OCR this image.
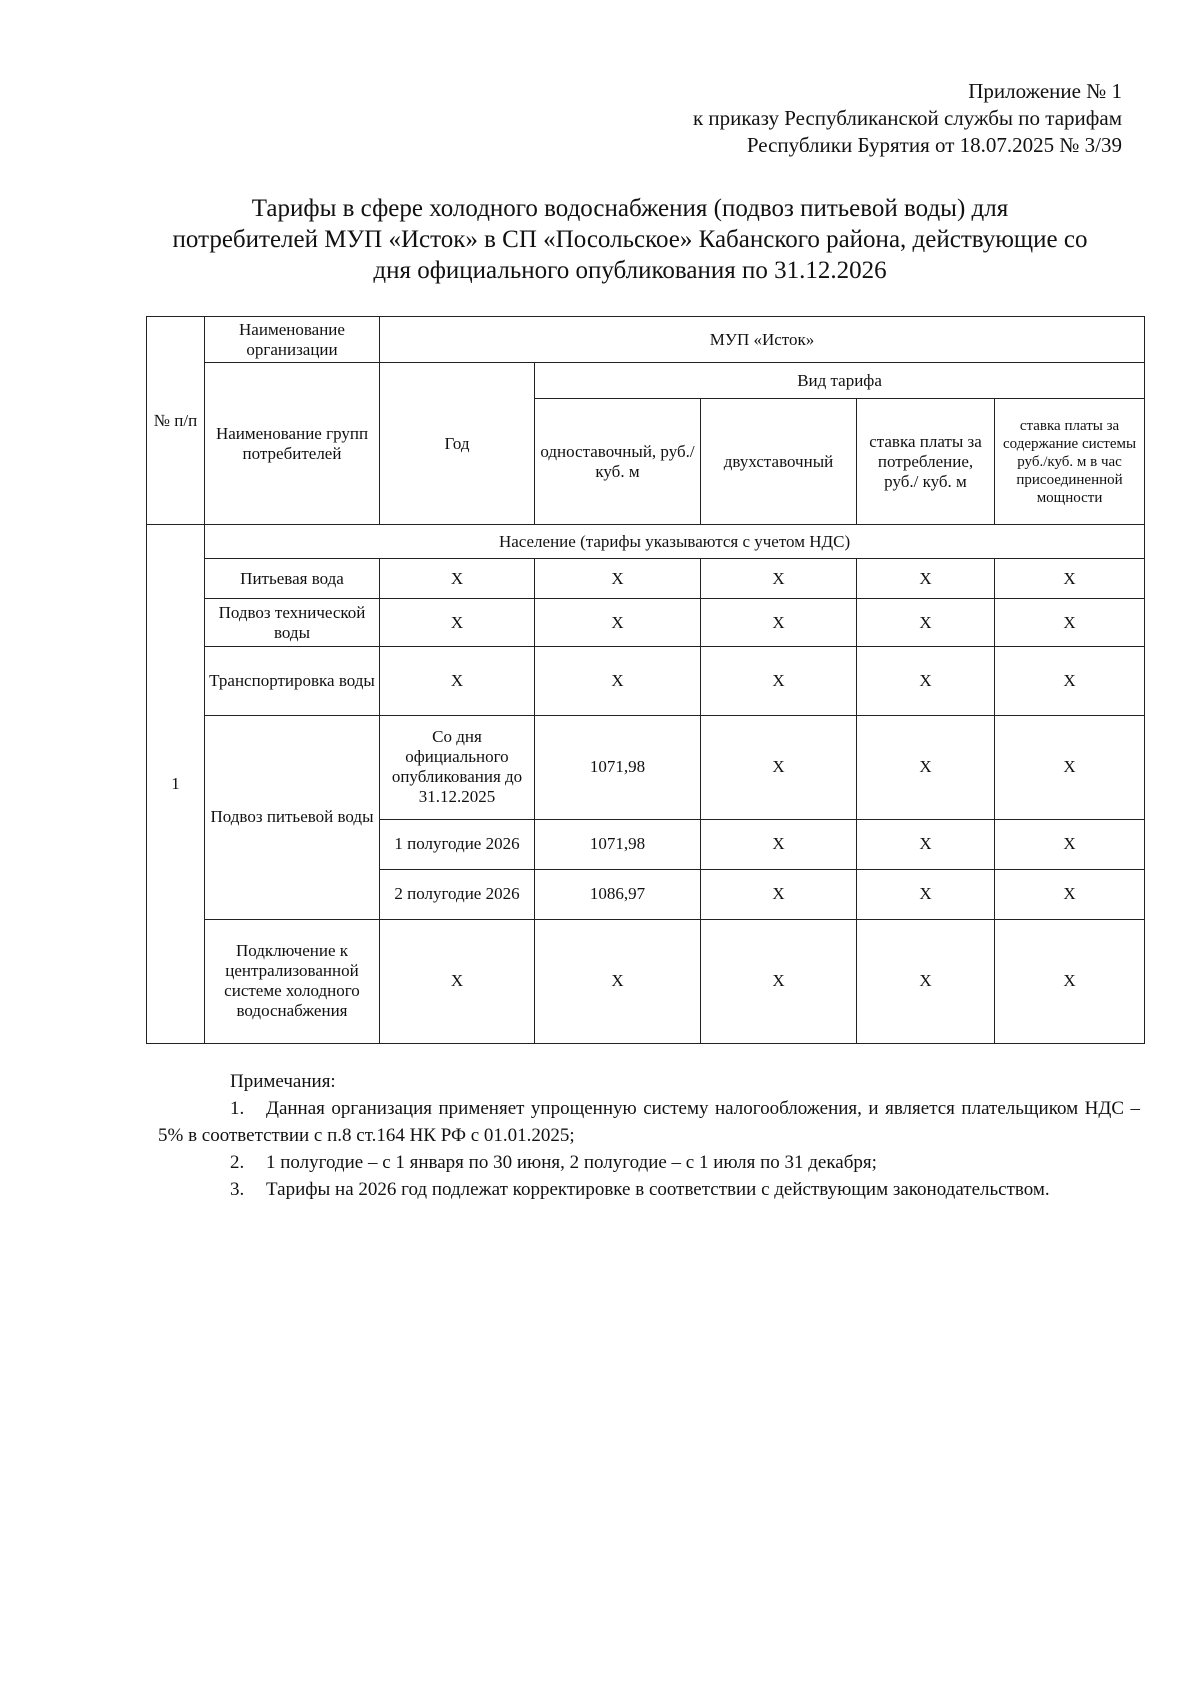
Приложение № 1
к приказу Республиканской службы по тарифам
Республики Бурятия от 18.07.2025 № 3/39
Тарифы в сфере холодного водоснабжения (подвоз питьевой воды) для
потребителей МУП «Исток» в СП «Посольское» Кабанского района, действующие со
дня официального опубликования по 31.12.2026
№ п/п	Наименование организации	МУП «Исток»				
	Наименование групп потребителей	Год	Вид тарифа			
			одноставочный, руб./ куб. м	двухставочный	ставка платы за потребление, руб./ куб. м	ставка платы за содержание системы руб./куб. м в час присоединенной мощности
1	Население (тарифы указываются с учетом НДС)					
	Питьевая вода	Х	Х	Х	Х	Х
	Подвоз технической воды	Х	Х	Х	Х	Х
	Транспортировка воды	Х	Х	Х	Х	Х
	Подвоз питьевой воды	Со дня официального опубликования до 31.12.2025	1071,98	Х	Х	Х
		1 полугодие 2026	1071,98	Х	Х	Х
		2 полугодие 2026	1086,97	Х	Х	Х
	Подключение к централизованной системе холодного водоснабжения	Х	Х	Х	Х	Х
Примечания:
1. Данная организация применяет упрощенную систему налогообложения, и является плательщиком НДС – 5% в соответствии с п.8 ст.164 НК РФ с 01.01.2025;
2. 1 полугодие – с 1 января по 30 июня, 2 полугодие – с 1 июля по 31 декабря;
3. Тарифы на 2026 год подлежат корректировке в соответствии с действующим законодательством.
